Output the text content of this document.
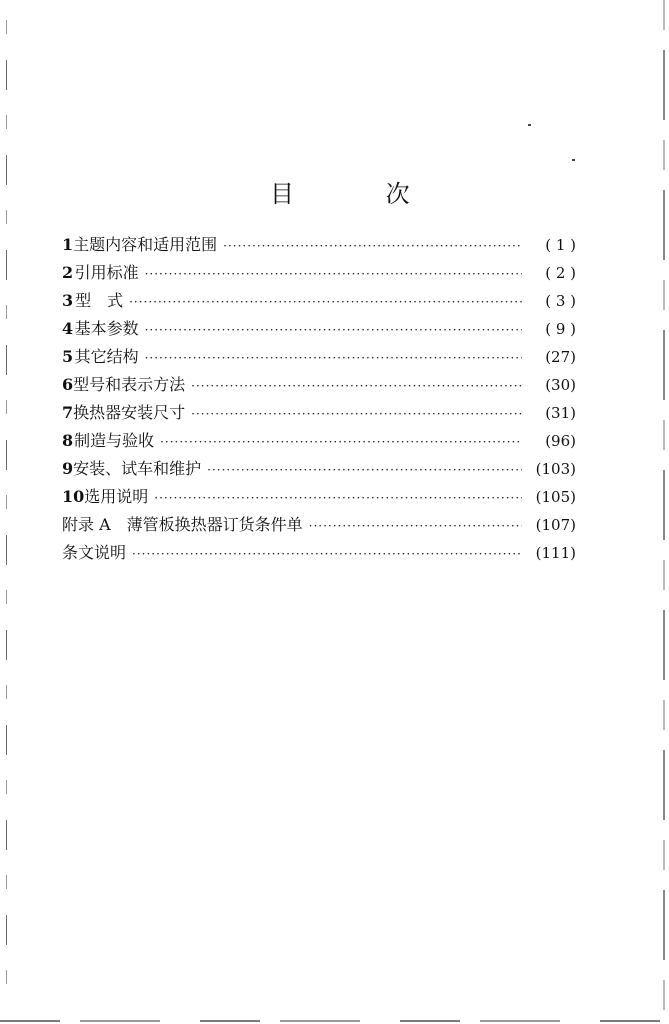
目 次
1 主题内容和适用范围 ·····	( 1 )
2 引用标准 ·····	( 2 )
3 型　式 ·····	( 3 )
4 基本参数 ·····	( 9 )
5 其它结构 ·····	(27)
6 型号和表示方法 ·····	(30)
7 换热器安装尺寸 ·····	(31)
8 制造与验收 ·····	(96)
9 安装、试车和维护 ·····	(103)
10 选用说明 ·····	(105)
附录 A　薄管板换热器订货条件单 ·····	(107)
条文说明 ·····	(111)
